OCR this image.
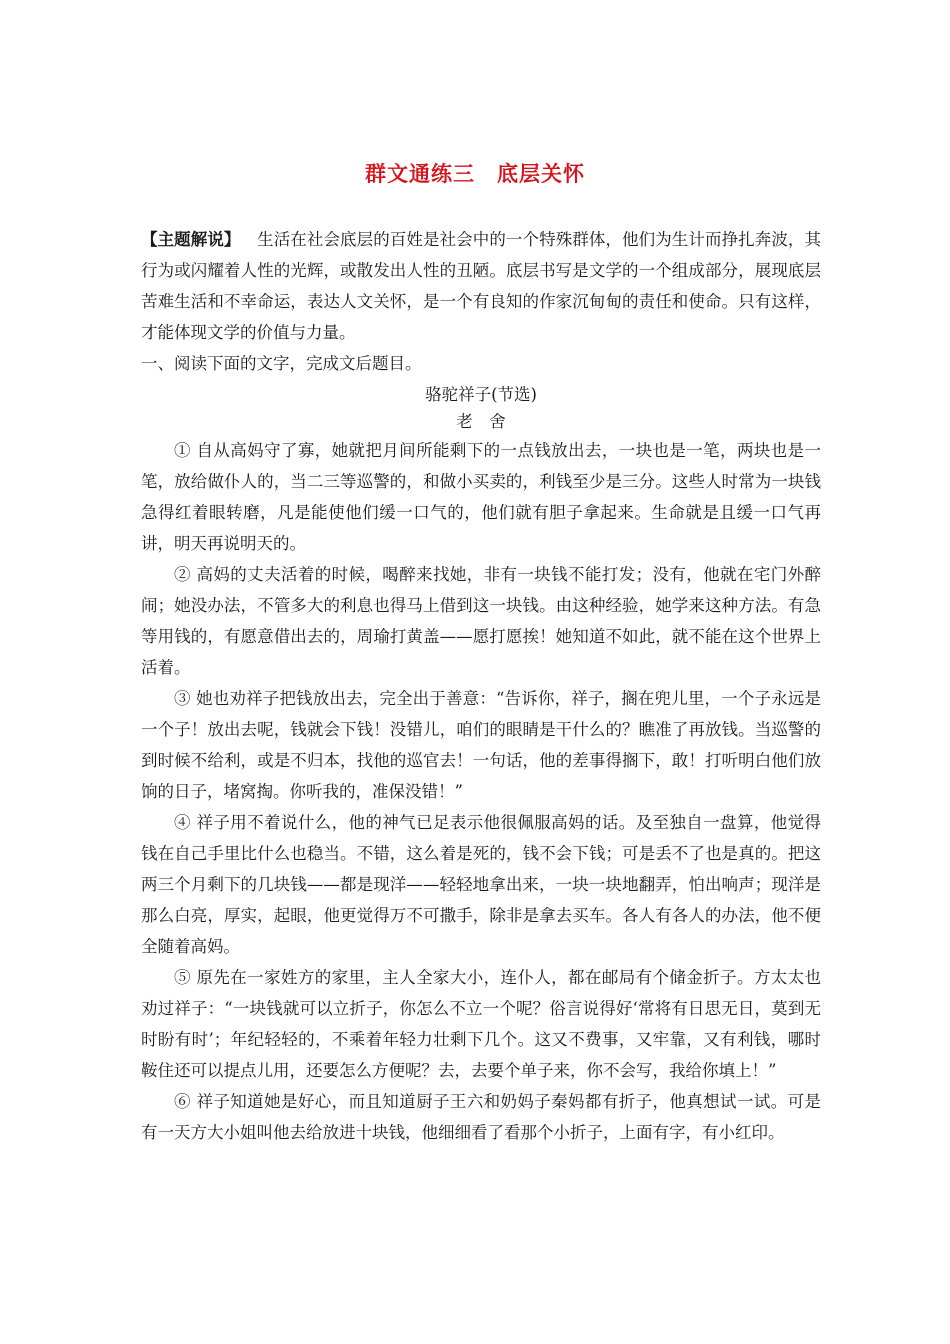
群文通练三　底层关怀

【主题解说】  生活在社会底层的百姓是社会中的一个特殊群体，他们为生计而挣扎奔波，其行为或闪耀着人性的光辉，或散发出人性的丑陋。底层书写是文学的一个组成部分，展现底层苦难生活和不幸命运，表达人文关怀，是一个有良知的作家沉甸甸的责任和使命。只有这样，才能体现文学的价值与力量。

一、阅读下面的文字，完成文后题目。

骆驼祥子(节选)

老　舍

① 自从高妈守了寡，她就把月间所能剩下的一点钱放出去，一块也是一笔，两块也是一笔，放给做仆人的，当二三等巡警的，和做小买卖的，利钱至少是三分。这些人时常为一块钱急得红着眼转磨，凡是能使他们缓一口气的，他们就有胆子拿起来。生命就是且缓一口气再讲，明天再说明天的。

② 高妈的丈夫活着的时候，喝醉来找她，非有一块钱不能打发；没有，他就在宅门外醉闹；她没办法，不管多大的利息也得马上借到这一块钱。由这种经验，她学来这种方法。有急等用钱的，有愿意借出去的，周瑜打黄盖——愿打愿挨！她知道不如此，就不能在这个世界上活着。

③ 她也劝祥子把钱放出去，完全出于善意：“告诉你，祥子，搁在兜儿里，一个子永远是一个子！放出去呢，钱就会下钱！没错儿，咱们的眼睛是干什么的？瞧准了再放钱。当巡警的到时候不给利，或是不归本，找他的巡官去！一句话，他的差事得搁下，敢！打听明白他们放饷的日子，堵窝掏。你听我的，准保没错！”

④ 祥子用不着说什么，他的神气已足表示他很佩服高妈的话。及至独自一盘算，他觉得钱在自己手里比什么也稳当。不错，这么着是死的，钱不会下钱；可是丢不了也是真的。把这两三个月剩下的几块钱——都是现洋——轻轻地拿出来，一块一块地翻弄，怕出响声；现洋是那么白亮，厚实，起眼，他更觉得万不可撒手，除非是拿去买车。各人有各人的办法，他不便全随着高妈。

⑤ 原先在一家姓方的家里，主人全家大小，连仆人，都在邮局有个储金折子。方太太也劝过祥子：“一块钱就可以立折子，你怎么不立一个呢？俗言说得好‘常将有日思无日，莫到无时盼有时’；年纪轻轻的，不乘着年轻力壮剩下几个。这又不费事，又牢靠，又有利钱，哪时鞍住还可以提点儿用，还要怎么方便呢？去，去要个单子来，你不会写，我给你填上！”

⑥ 祥子知道她是好心，而且知道厨子王六和奶妈子秦妈都有折子，他真想试一试。可是有一天方大小姐叫他去给放进十块钱，他细细看了看那个小折子，上面有字，有小红印。
